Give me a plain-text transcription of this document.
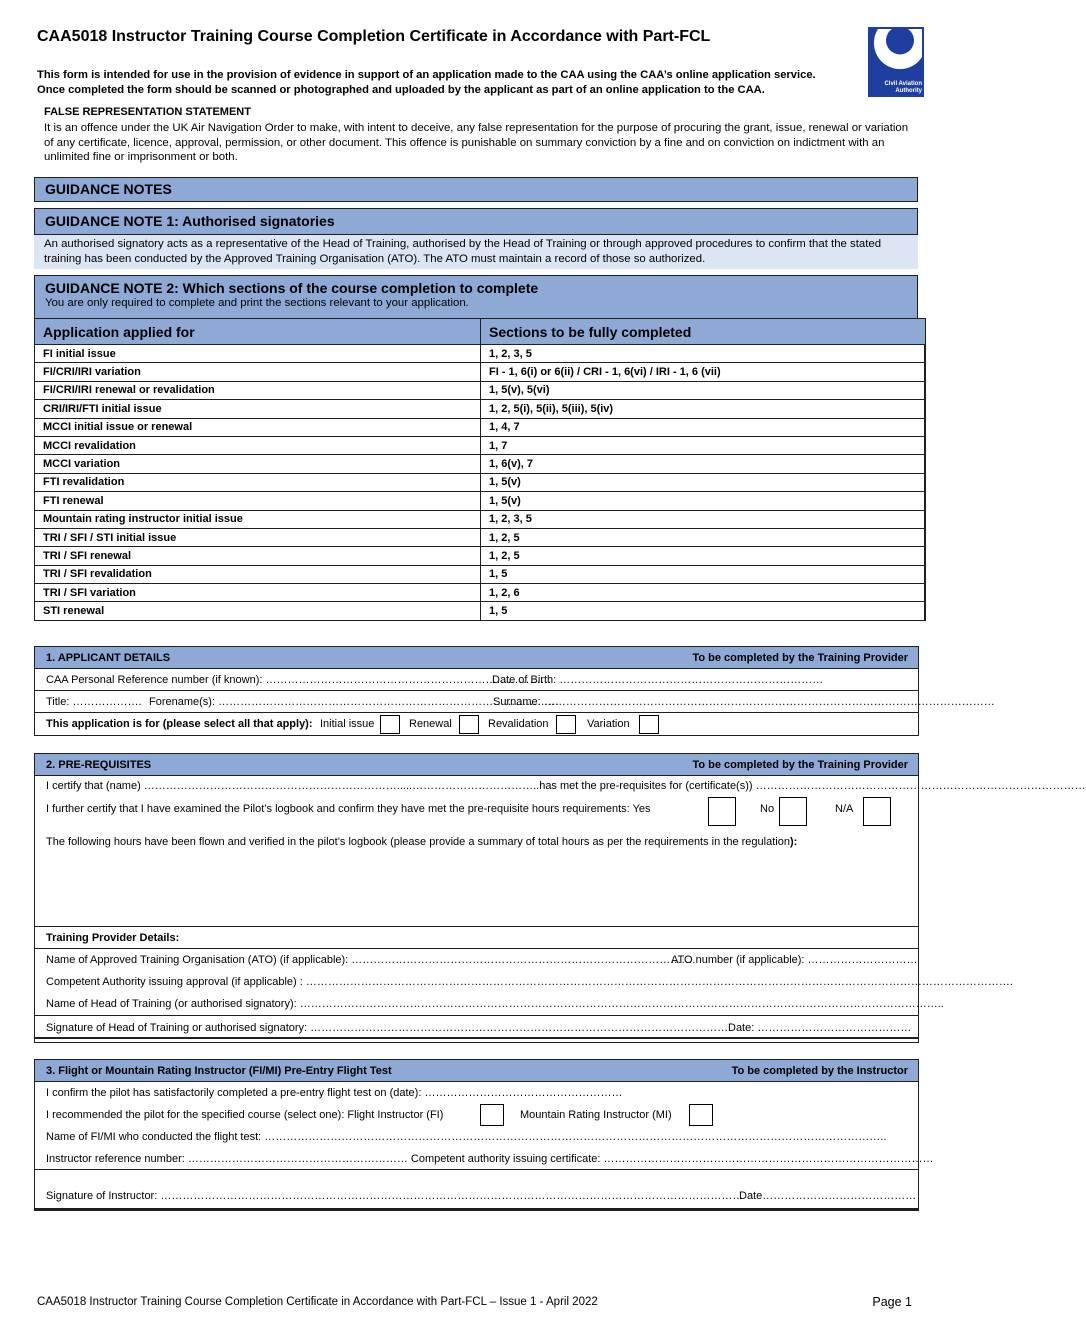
CAA5018 Instructor Training Course Completion Certificate in Accordance with Part-FCL
Civil Aviation Authority
This form is intended for use in the provision of evidence in support of an application made to the CAA using the CAA’s online application service.
Once completed the form should be scanned or photographed and uploaded by the applicant as part of an online application to the CAA.
FALSE REPRESENTATION STATEMENT
It is an offence under the UK Air Navigation Order to make, with intent to deceive, any false representation for the purpose of procuring the grant, issue, renewal or variation of any certificate, licence, approval, permission, or other document. This offence is punishable on summary conviction by a fine and on conviction on indictment with an unlimited fine or imprisonment or both.
GUIDANCE NOTES
GUIDANCE NOTE 1: Authorised signatories
An authorised signatory acts as a representative of the Head of Training, authorised by the Head of Training or through approved procedures to confirm that the stated training has been conducted by the Approved Training Organisation (ATO). The ATO must maintain a record of those so authorized.
GUIDANCE NOTE 2: Which sections of the course completion to complete
You are only required to complete and print the sections relevant to your application.
Application applied for	Sections to be fully completed
FI initial issue	1, 2, 3, 5
FI/CRI/IRI variation	FI - 1, 6(i) or 6(ii) / CRI - 1, 6(vi) / IRI - 1, 6 (vii)
FI/CRI/IRI renewal or revalidation	1, 5(v), 5(vi)
CRI/IRI/FTI initial issue	1, 2, 5(i), 5(ii), 5(iii), 5(iv)
MCCI initial issue or renewal	1, 4, 7
MCCI revalidation	1, 7
MCCI variation	1, 6(v), 7
FTI revalidation	1, 5(v)
FTI renewal	1, 5(v)
Mountain rating instructor initial issue	1, 2, 3, 5
TRI / SFI / STI initial issue	1, 2, 5
TRI / SFI renewal	1, 2, 5
TRI / SFI revalidation	1, 5
TRI / SFI variation	1, 2, 6
STI renewal	1, 5
1. APPLICANT DETAILS	To be completed by the Training Provider
CAA Personal Reference number (if known): ……………………………………………………………………
Date of Birth: ………………………………………………………………
Title: ………………. Forename(s): …………………………………………………………………………………
Surname: ……………………………………………………………………………………………………………
This application is for (please select all that apply): Initial issue	Renewal	Revalidation	Variation
2. PRE-REQUISITES	To be completed by the Training Provider
I certify that (name) …………………………………………………………….....……………………………..has met the pre-requisites for (certificate(s)) ………………………………………………………………………………
I further certify that I have examined the Pilot’s logbook and confirm they have met the pre-requisite hours requirements: Yes	No	N/A
The following hours have been flown and verified in the pilot’s logbook (please provide a summary of total hours as per the requirements in the regulation):
Training Provider Details:
Name of Approved Training Organisation (ATO) (if applicable): ………………………………………………………………………………….
ATO number (if applicable): …………………………
Competent Authority issuing approval (if applicable) : ………………………………………………………………………………………………………………………………………………………………………….
Name of Head of Training (or authorised signatory): …………………………………………………………………………………………………………………………………………………………..
Signature of Head of Training or authorised signatory: …………………………………………………………………………………………………… Date: ……………………………………
3. Flight or Mountain Rating Instructor (FI/MI) Pre-Entry Flight Test	To be completed by the Instructor
I confirm the pilot has satisfactorily completed a pre-entry flight test on (date): ………………………………………………
I recommended the pilot for the specified course (select one): Flight Instructor (FI)	Mountain Rating Instructor (MI)
Name of FI/MI who conducted the flight test: ……………………………………………………………………………………………………………………………………………………..
Instructor reference number: …………………………………………………… Competent authority issuing certificate: ………………………………………………………………………………
Signature of Instructor: ……………………………………………………………………………………………………………………………………………
Date……………………………………
CAA5018 Instructor Training Course Completion Certificate in Accordance with Part-FCL – Issue 1 - April 2022	Page 1
